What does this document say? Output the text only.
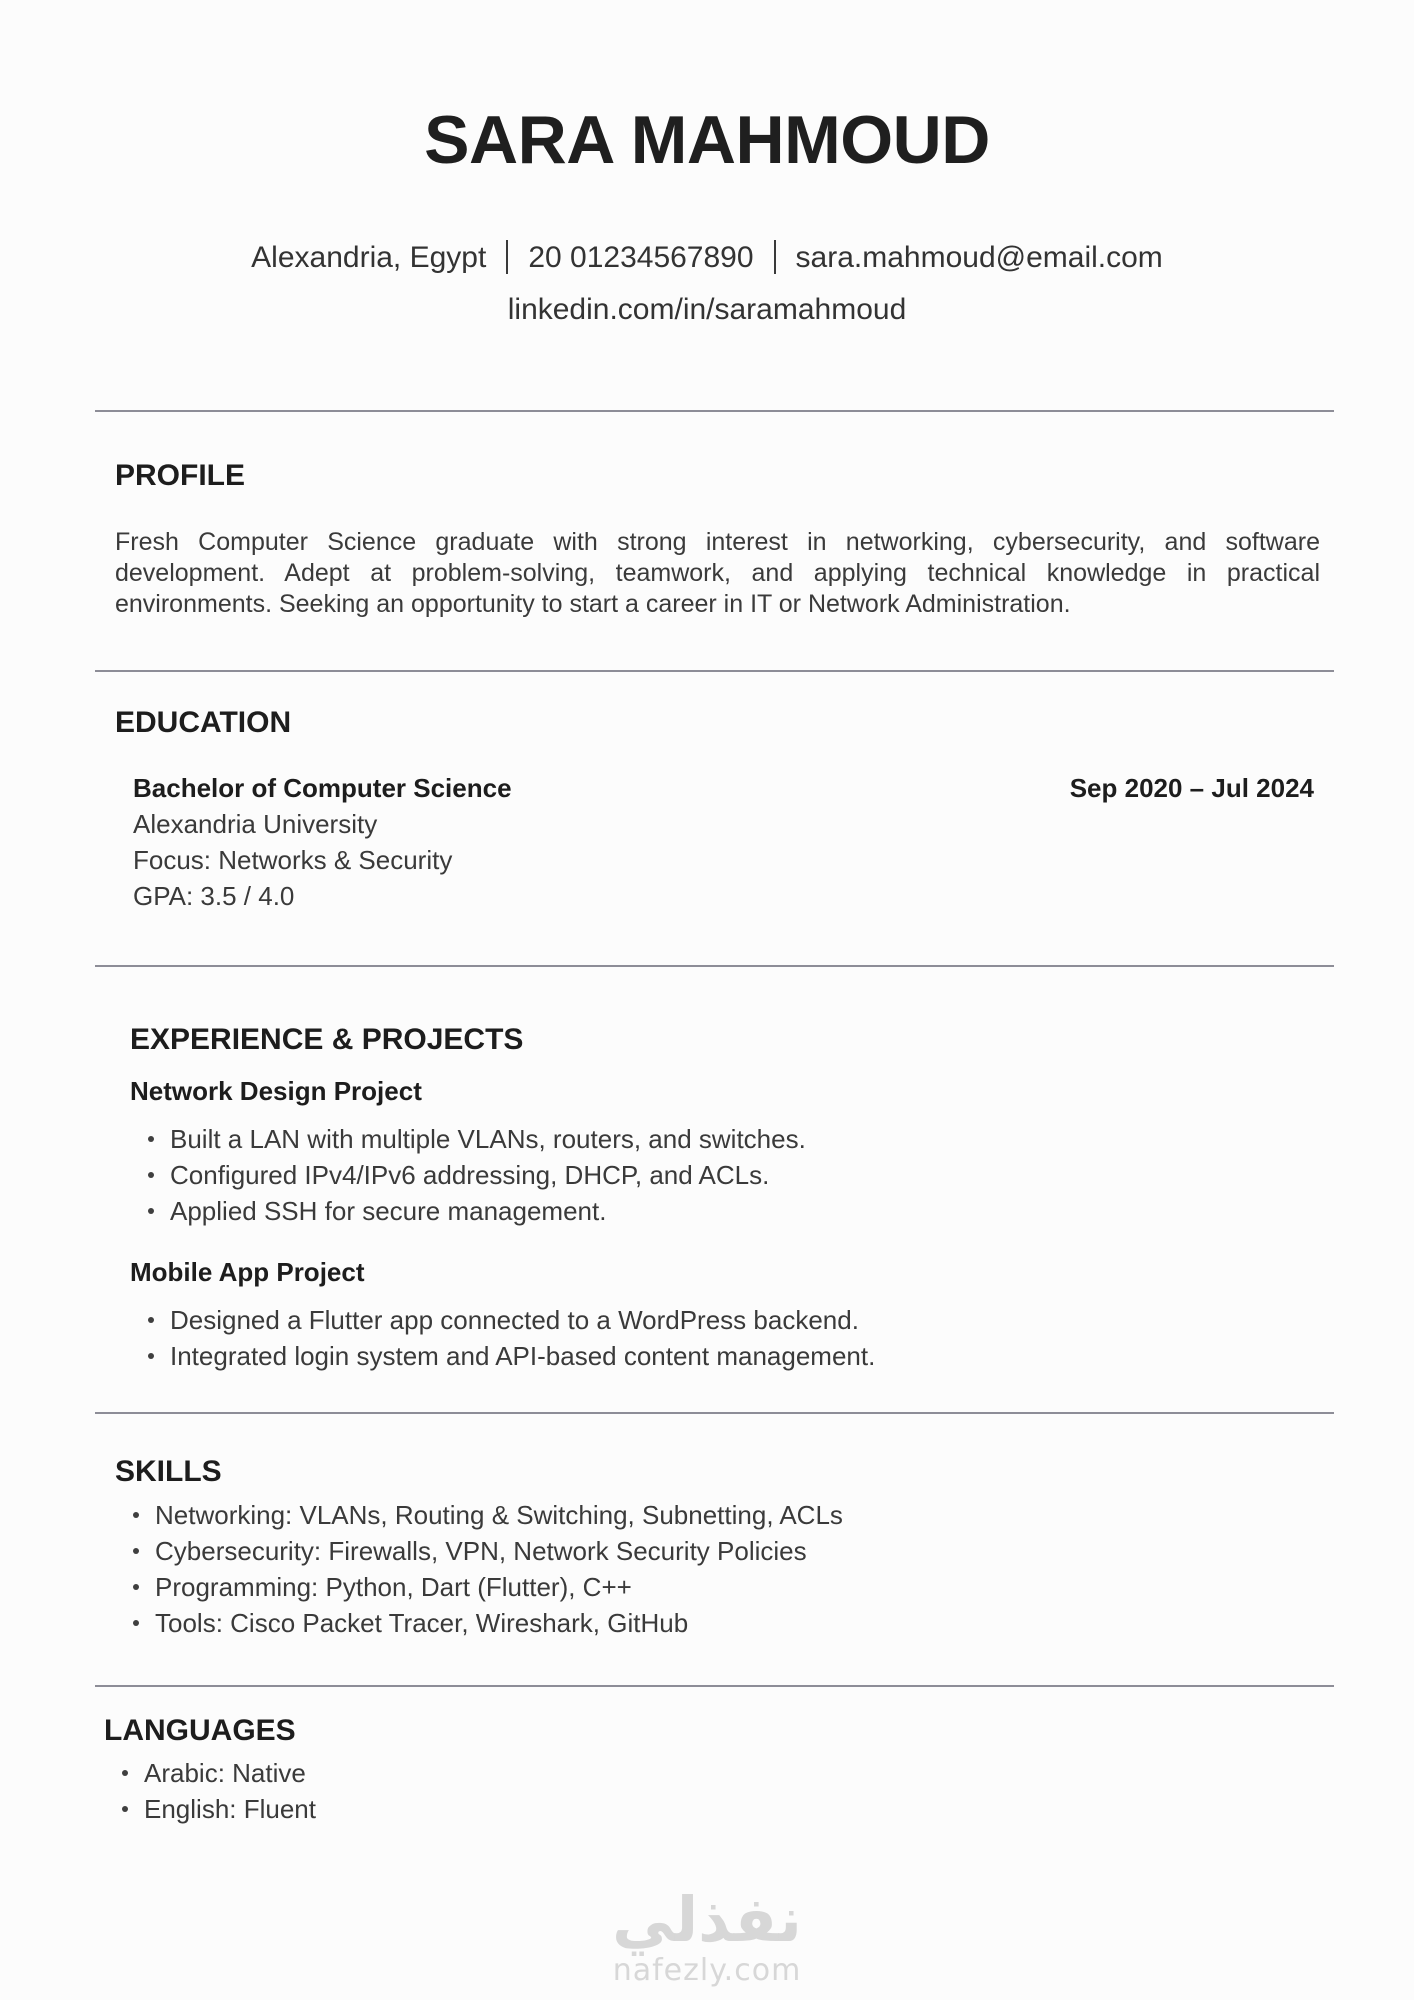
SARA MAHMOUD
Alexandria, Egypt 20 01234567890 sara.mahmoud@email.com
linkedin.com/in/saramahmoud
PROFILE

Fresh Computer Science graduate with strong interest in networking, cybersecurity, and software development. Adept at problem-solving, teamwork, and applying technical knowledge in practical environments. Seeking an opportunity to start a career in IT or Network Administration.

EDUCATION
Bachelor of Computer Science	Sep 2020 – Jul 2024
Alexandria University
Focus: Networks & Security
GPA: 3.5 / 4.0
EXPERIENCE & PROJECTS
Network Design Project
Built a LAN with multiple VLANs, routers, and switches.
Configured IPv4/IPv6 addressing, DHCP, and ACLs.
Applied SSH for secure management.
Mobile App Project
Designed a Flutter app connected to a WordPress backend.
Integrated login system and API-based content management.
SKILLS
Networking: VLANs, Routing & Switching, Subnetting, ACLs
Cybersecurity: Firewalls, VPN, Network Security Policies
Programming: Python, Dart (Flutter), C++
Tools: Cisco Packet Tracer, Wireshark, GitHub
LANGUAGES
Arabic: Native
English: Fluent
نفذلي
nafezly.com
